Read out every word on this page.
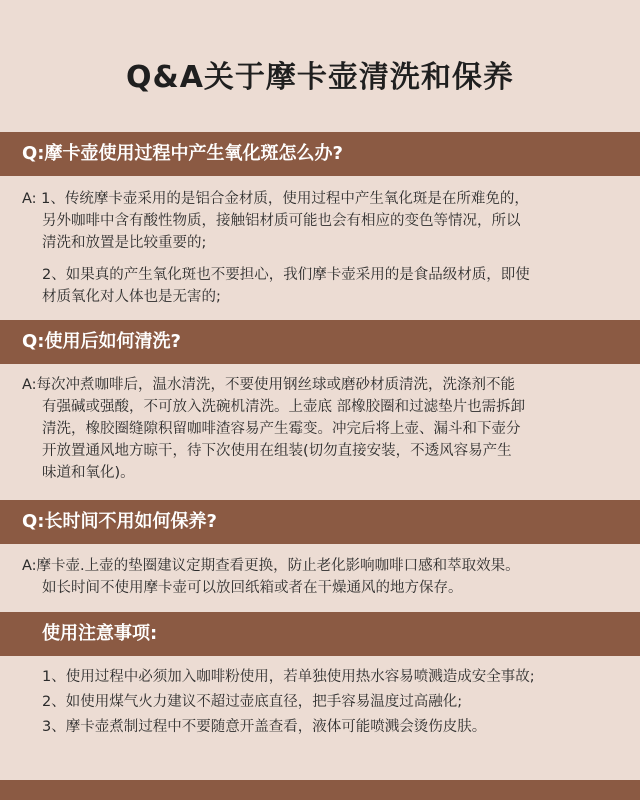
Q&A关于摩卡壶清洗和保养
Q:摩卡壶使用过程中产生氧化斑怎么办?
A: 1、传统摩卡壶采用的是铝合金材质，使用过程中产生氧化斑是在所难免的，
另外咖啡中含有酸性物质，接触铝材质可能也会有相应的变色等情况，所以
清洗和放置是比较重要的;
2、如果真的产生氧化斑也不要担心，我们摩卡壶采用的是食品级材质，即使
材质氧化对人体也是无害的;
Q:使用后如何清洗?
A:每次冲煮咖啡后，温水清洗，不要使用钢丝球或磨砂材质清洗，洗涤剂不能
有强碱或强酸，不可放入洗碗机清洗。上壶底 部橡胶圈和过滤垫片也需拆卸
清洗，橡胶圈缝隙积留咖啡渣容易产生霉变。冲完后将上壶、漏斗和下壶分
开放置通风地方晾干，待下次使用在组装(切勿直接安装，不透风容易产生
味道和氧化)。
Q:长时间不用如何保养?
A:摩卡壶.上壶的垫圈建议定期查看更换，防止老化影响咖啡口感和萃取效果。
如长时间不使用摩卡壶可以放回纸箱或者在干燥通风的地方保存。
使用注意事项:
1、使用过程中必须加入咖啡粉使用，若单独使用热水容易喷溅造成安全事故;
2、如使用煤气火力建议不超过壶底直径，把手容易温度过高融化;
3、摩卡壶煮制过程中不要随意开盖查看，液体可能喷溅会烫伤皮肤。
